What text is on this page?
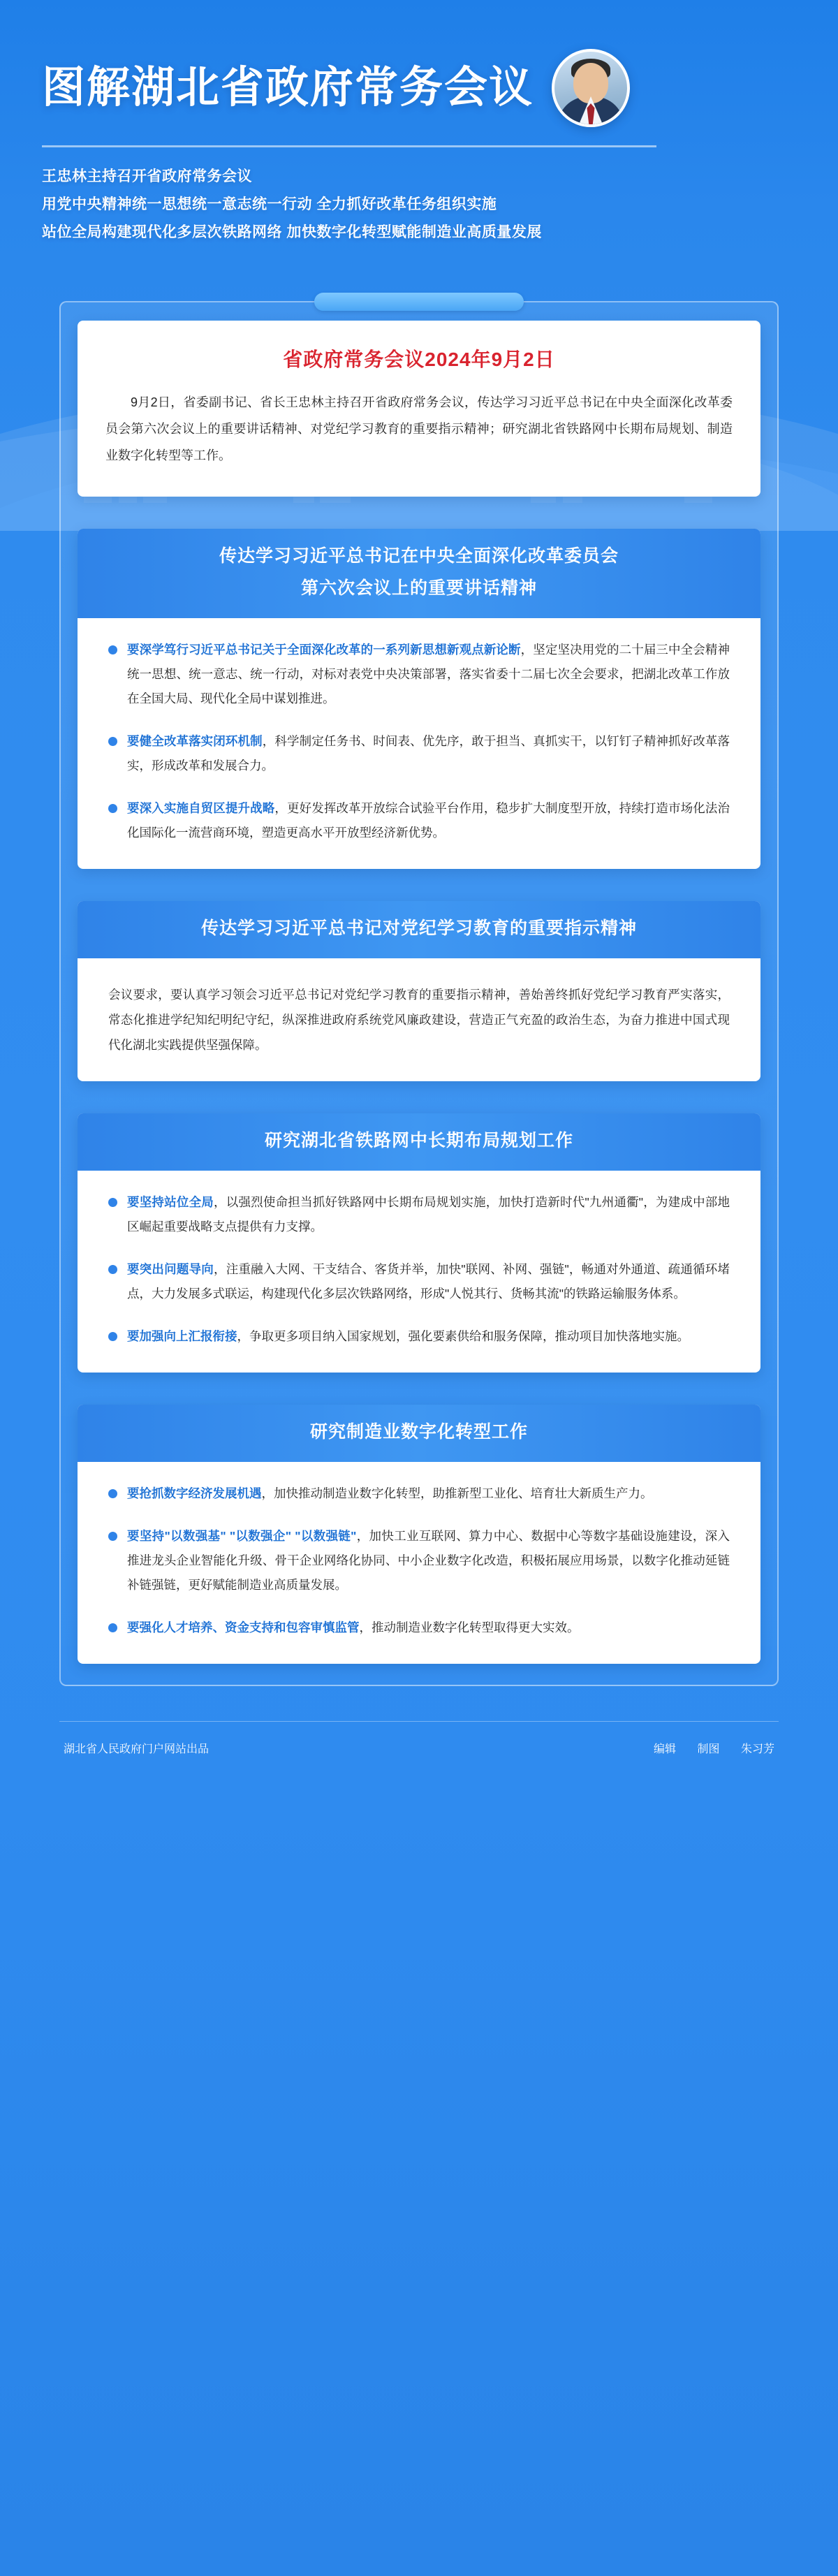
图解湖北省政府常务会议
王忠林主持召开省政府常务会议
用党中央精神统一思想统一意志统一行动 全力抓好改革任务组织实施
站位全局构建现代化多层次铁路网络 加快数字化转型赋能制造业高质量发展
省政府常务会议2024年9月2日
9月2日，省委副书记、省长王忠林主持召开省政府常务会议，传达学习习近平总书记在中央全面深化改革委员会第六次会议上的重要讲话精神、对党纪学习教育的重要指示精神；研究湖北省铁路网中长期布局规划、制造业数字化转型等工作。
传达学习习近平总书记在中央全面深化改革委员会
第六次会议上的重要讲话精神
要深学笃行习近平总书记关于全面深化改革的一系列新思想新观点新论断，坚定坚决用党的二十届三中全会精神统一思想、统一意志、统一行动，对标对表党中央决策部署，落实省委十二届七次全会要求，把湖北改革工作放在全国大局、现代化全局中谋划推进。
要健全改革落实闭环机制，科学制定任务书、时间表、优先序，敢于担当、真抓实干，以钉钉子精神抓好改革落实，形成改革和发展合力。
要深入实施自贸区提升战略，更好发挥改革开放综合试验平台作用，稳步扩大制度型开放，持续打造市场化法治化国际化一流营商环境，塑造更高水平开放型经济新优势。
传达学习习近平总书记对党纪学习教育的重要指示精神
会议要求，要认真学习领会习近平总书记对党纪学习教育的重要指示精神，善始善终抓好党纪学习教育严实落实，常态化推进学纪知纪明纪守纪，纵深推进政府系统党风廉政建设，营造正气充盈的政治生态，为奋力推进中国式现代化湖北实践提供坚强保障。
研究湖北省铁路网中长期布局规划工作
要坚持站位全局，以强烈使命担当抓好铁路网中长期布局规划实施，加快打造新时代"九州通衢"，为建成中部地区崛起重要战略支点提供有力支撑。
要突出问题导向，注重融入大网、干支结合、客货并举，加快"联网、补网、强链"，畅通对外通道、疏通循环堵点，大力发展多式联运，构建现代化多层次铁路网络，形成"人悦其行、货畅其流"的铁路运输服务体系。
要加强向上汇报衔接，争取更多项目纳入国家规划，强化要素供给和服务保障，推动项目加快落地实施。
研究制造业数字化转型工作
要抢抓数字经济发展机遇，加快推动制造业数字化转型，助推新型工业化、培育壮大新质生产力。
要坚持"以数强基" "以数强企" "以数强链"，加快工业互联网、算力中心、数据中心等数字基础设施建设，深入推进龙头企业智能化升级、骨干企业网络化协同、中小企业数字化改造，积极拓展应用场景，以数字化推动延链补链强链，更好赋能制造业高质量发展。
要强化人才培养、资金支持和包容审慎监管，推动制造业数字化转型取得更大实效。
湖北省人民政府门户网站出品	编辑 制图 朱习芳
